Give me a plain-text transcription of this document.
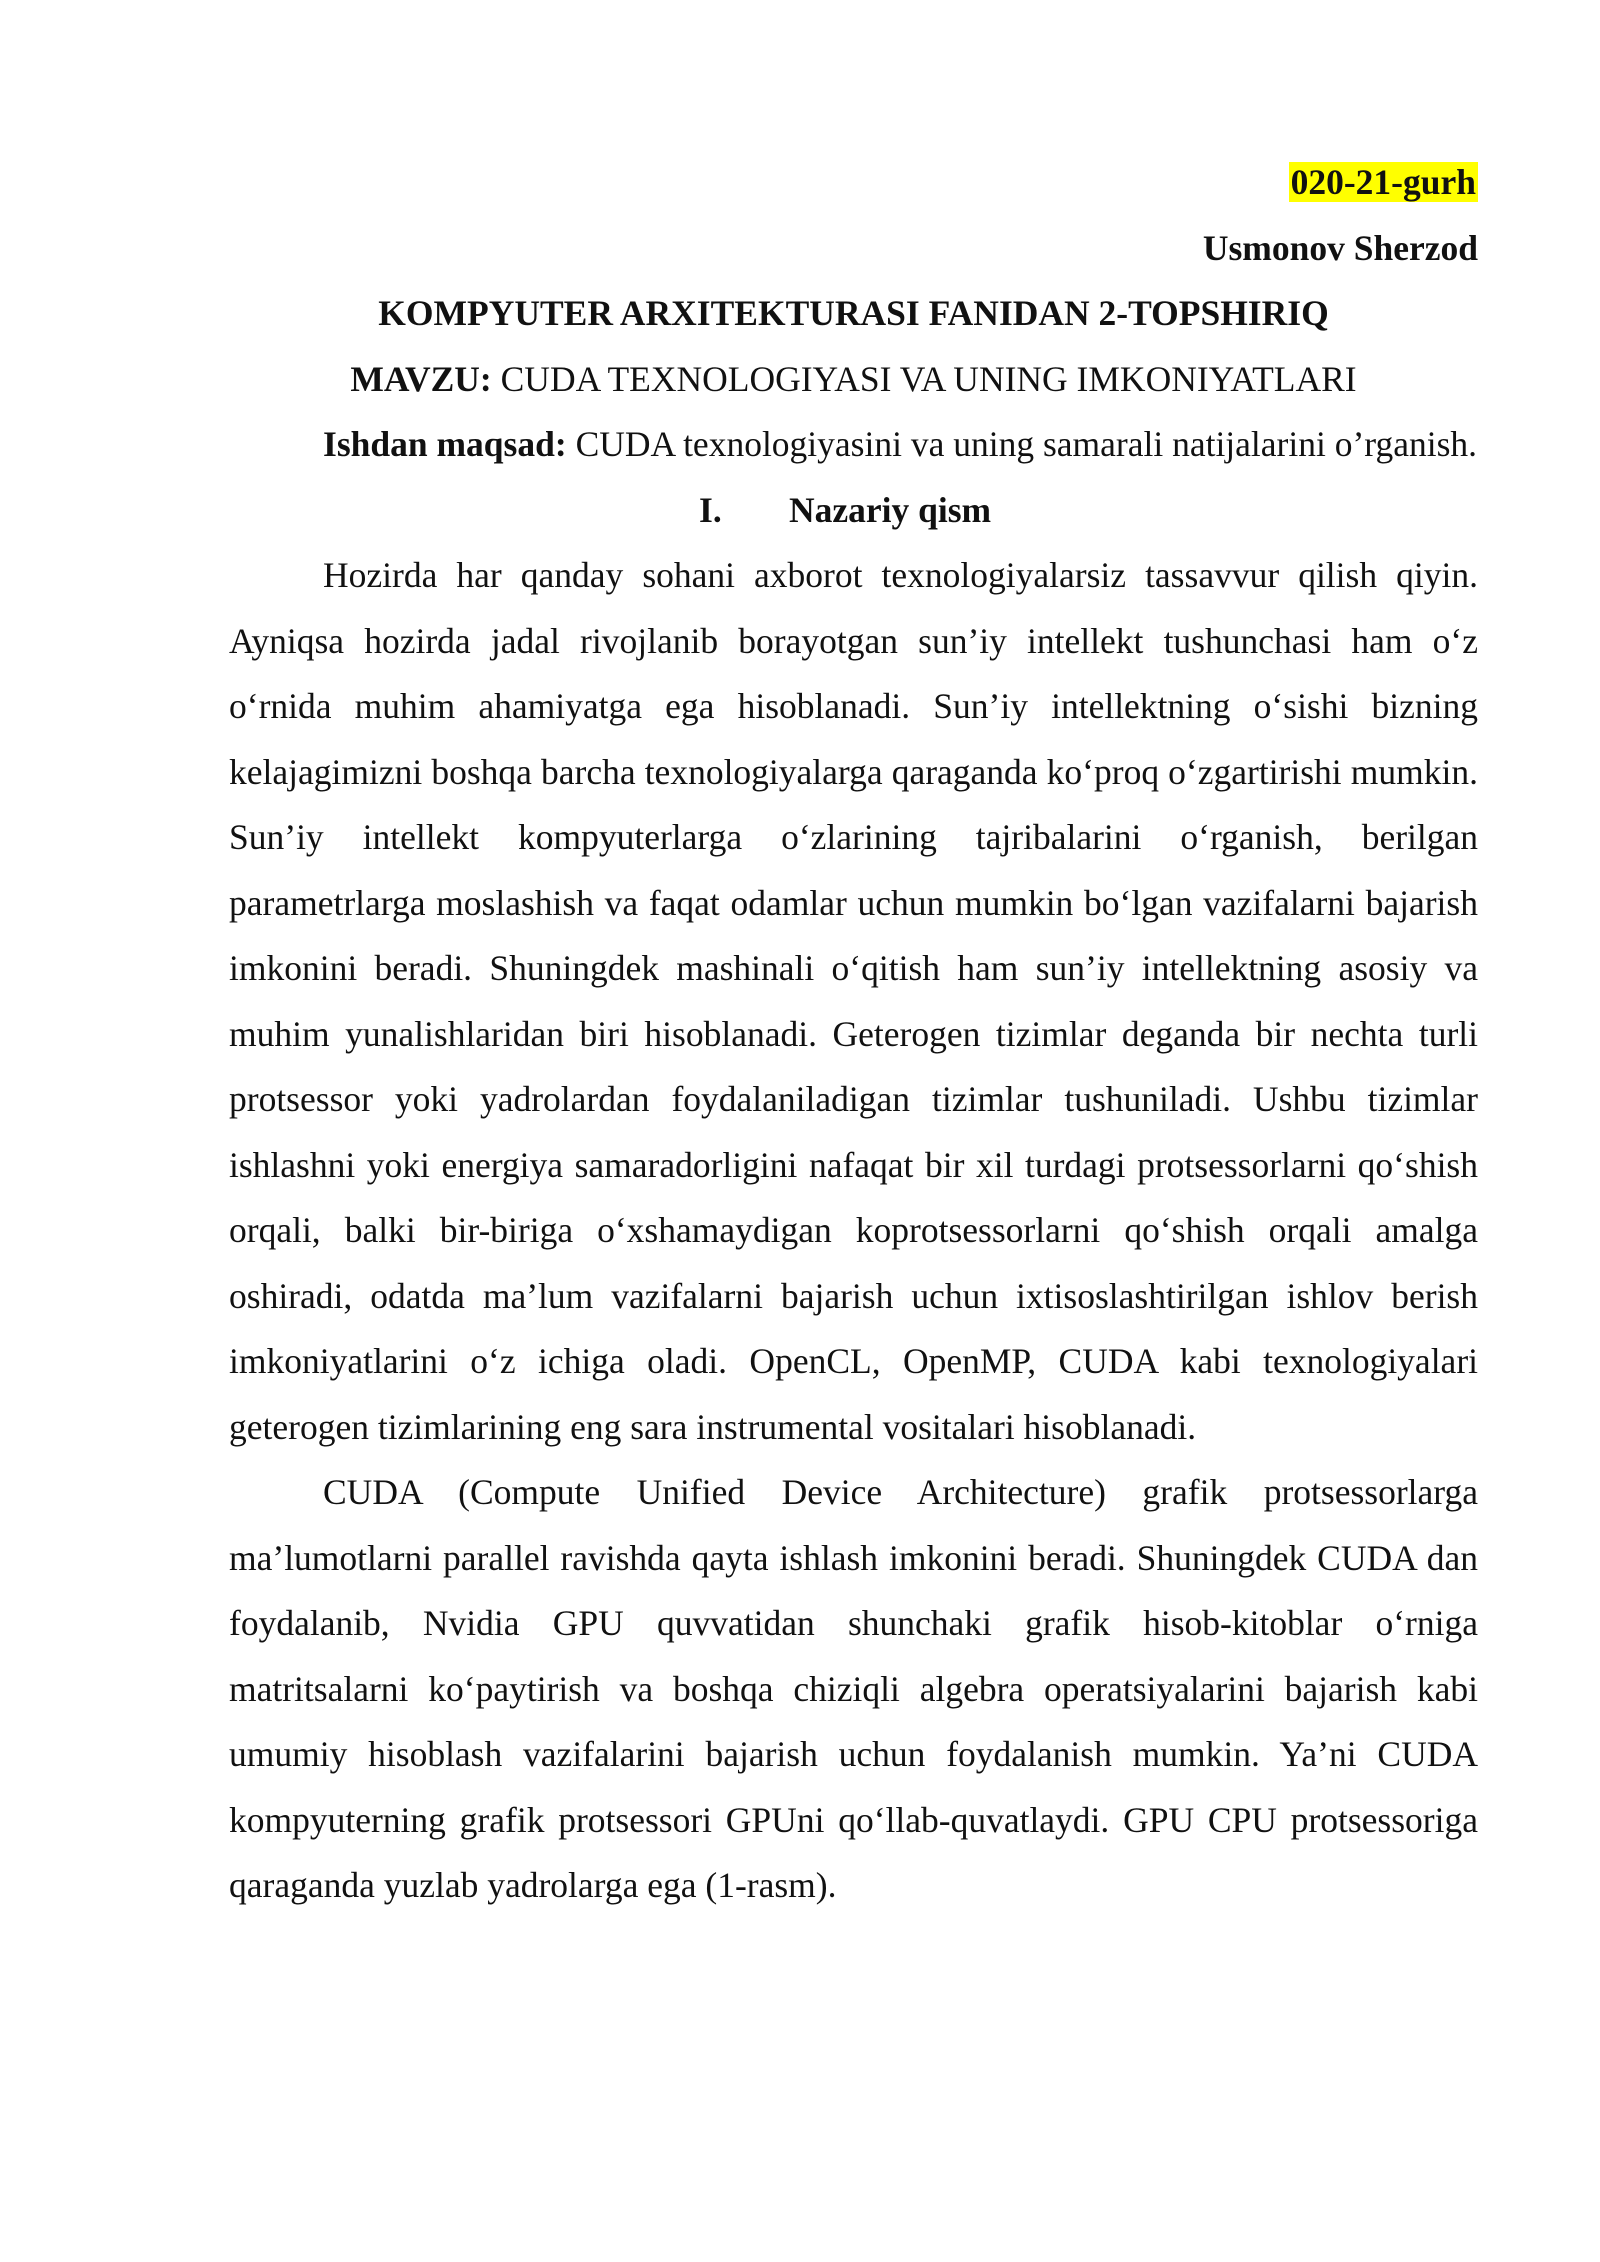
020-21-gurh

Usmonov Sherzod

KOMPYUTER ARXITEKTURASI FANIDAN 2-TOPSHIRIQ

MAVZU: CUDA TEXNOLOGIYASI VA UNING IMKONIYATLARI

Ishdan maqsad: CUDA texnologiyasini va uning samarali natijalarini o’rganish.

I. Nazariy qism

Hozirda har qanday sohani axborot texnologiyalarsiz tassavvur qilish qiyin. Ayniqsa hozirda jadal rivojlanib borayotgan sun’iy intellekt tushunchasi ham o‘z o‘rnida muhim ahamiyatga ega hisoblanadi. Sun’iy intellektning o‘sishi bizning kelajagimizni boshqa barcha texnologiyalarga qaraganda ko‘proq o‘zgartirishi mumkin. Sun’iy intellekt kompyuterlarga o‘zlarining tajribalarini o‘rganish, berilgan parametrlarga moslashish va faqat odamlar uchun mumkin bo‘lgan vazifalarni bajarish imkonini beradi. Shuningdek mashinali o‘qitish ham sun’iy intellektning asosiy va muhim yunalishlaridan biri hisoblanadi. Geterogen tizimlar deganda bir nechta turli protsessor yoki yadrolardan foydalaniladigan tizimlar tushuniladi. Ushbu tizimlar ishlashni yoki energiya samaradorligini nafaqat bir xil turdagi protsessorlarni qo‘shish orqali, balki bir-biriga o‘xshamaydigan koprotsessorlarni qo‘shish orqali amalga oshiradi, odatda ma’lum vazifalarni bajarish uchun ixtisoslashtirilgan ishlov berish imkoniyatlarini o‘z ichiga oladi. OpenCL, OpenMP, CUDA kabi texnologiyalari geterogen tizimlarining eng sara instrumental vositalari hisoblanadi.

CUDA (Compute Unified Device Architecture) grafik protsessorlarga ma’lumotlarni parallel ravishda qayta ishlash imkonini beradi. Shuningdek CUDA dan foydalanib, Nvidia GPU quvvatidan shunchaki grafik hisob-kitoblar o‘rniga matritsalarni ko‘paytirish va boshqa chiziqli algebra operatsiyalarini bajarish kabi umumiy hisoblash vazifalarini bajarish uchun foydalanish mumkin. Ya’ni CUDA kompyuterning grafik protsessori GPUni qo‘llab-quvatlaydi. GPU CPU protsessoriga qaraganda yuzlab yadrolarga ega (1-rasm).
